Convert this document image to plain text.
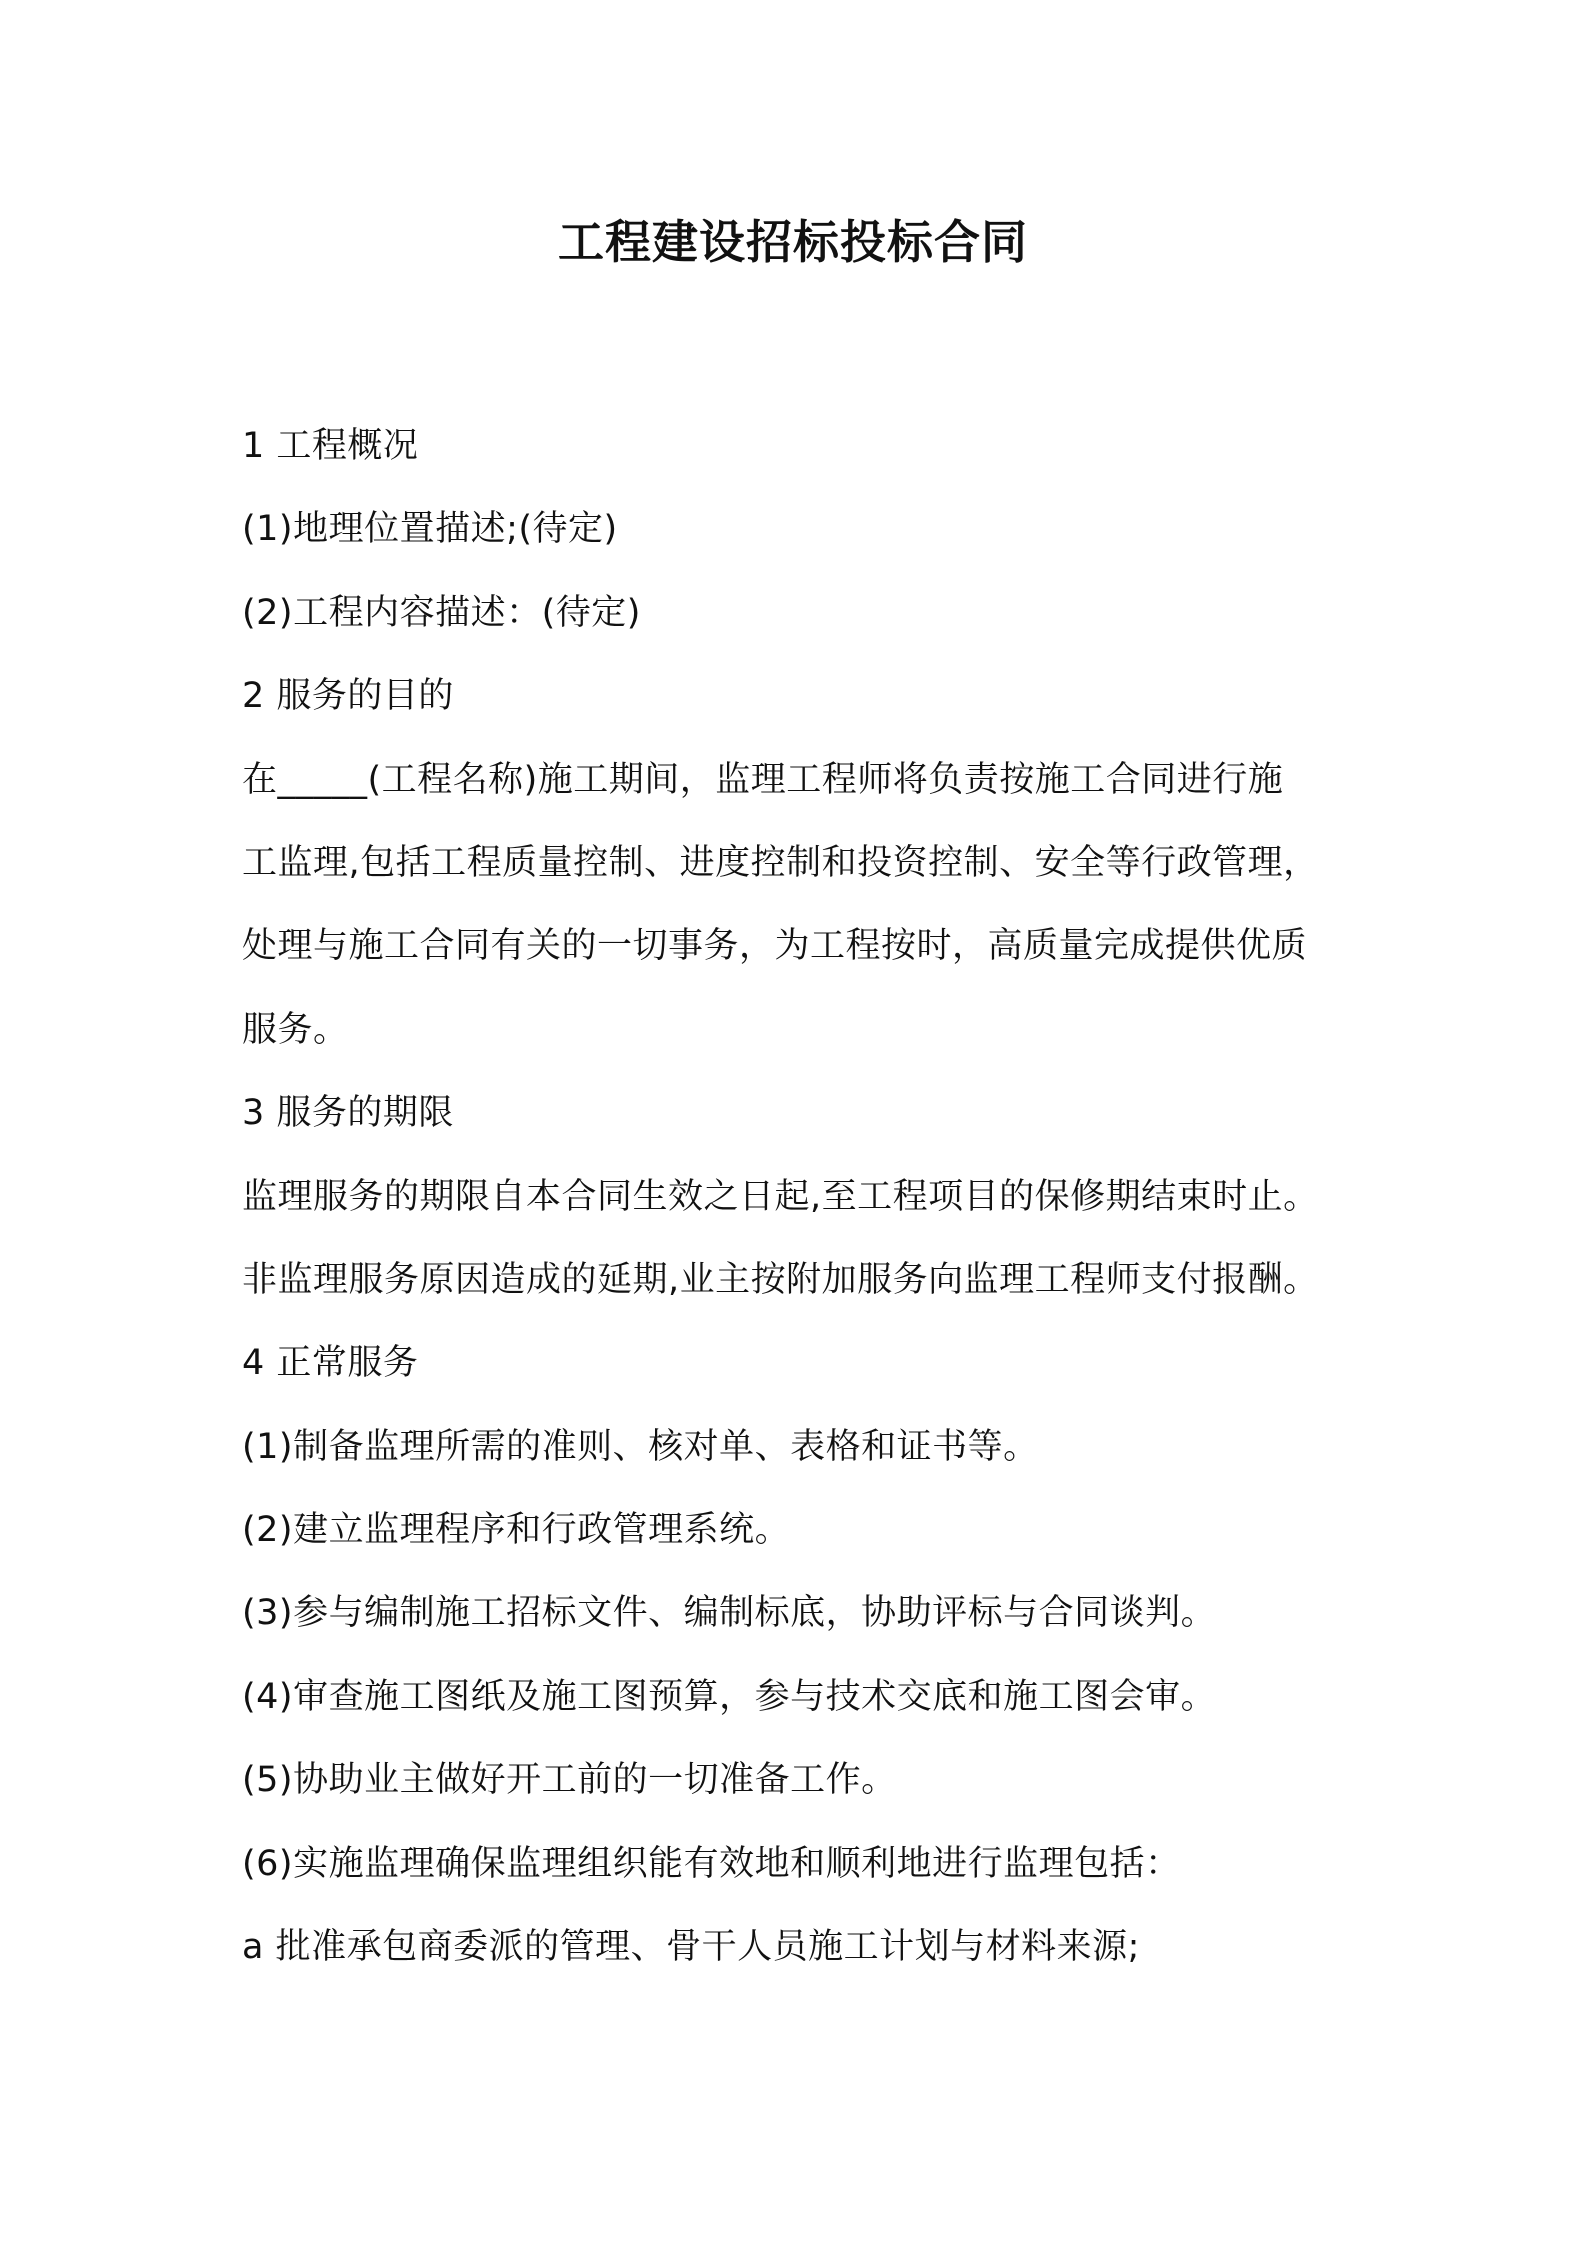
工程建设招标投标合同
1 工程概况
(1)地理位置描述;(待定)
(2)工程内容描述：(待定)
2 服务的目的
在_____(工程名称)施工期间，监理工程师将负责按施工合同进行施
工监理,包括工程质量控制、进度控制和投资控制、安全等行政管理，
处理与施工合同有关的一切事务，为工程按时，高质量完成提供优质
服务。
3 服务的期限
监理服务的期限自本合同生效之日起,至工程项目的保修期结束时止。
非监理服务原因造成的延期,业主按附加服务向监理工程师支付报酬。
4 正常服务
(1)制备监理所需的准则、核对单、表格和证书等。
(2)建立监理程序和行政管理系统。
(3)参与编制施工招标文件、编制标底，协助评标与合同谈判。
(4)审查施工图纸及施工图预算，参与技术交底和施工图会审。
(5)协助业主做好开工前的一切准备工作。
(6)实施监理确保监理组织能有效地和顺利地进行监理包括：
a 批准承包商委派的管理、骨干人员施工计划与材料来源;
